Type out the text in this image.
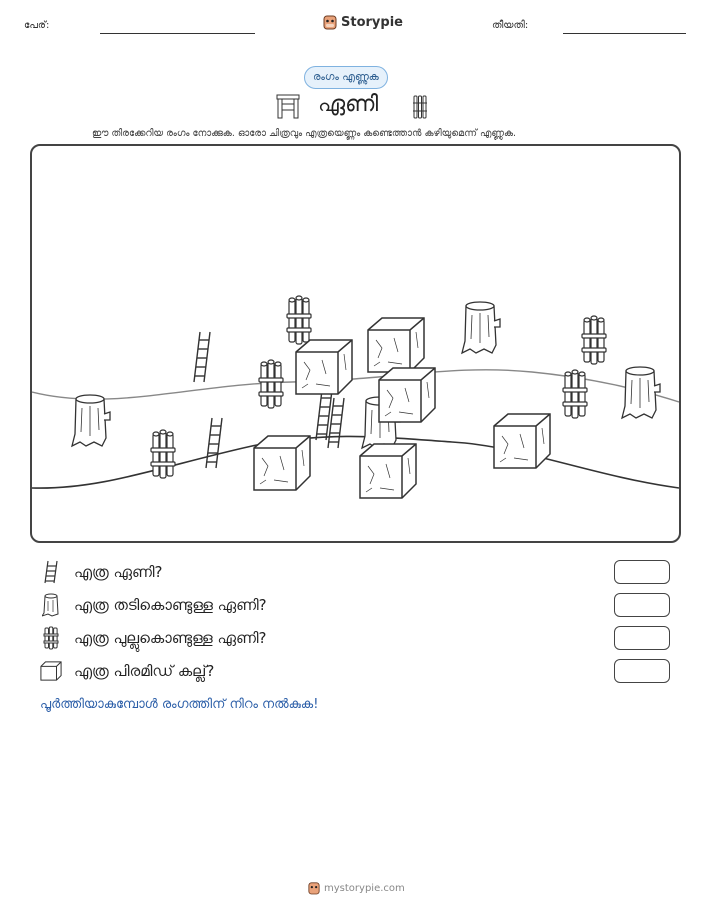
പേര്:	Storypie	തീയതി:
രംഗം എണ്ണുക
ഏണി
ഈ തിരക്കേറിയ രംഗം നോക്കുക. ഓരോ ചിത്രവും എത്രയെണ്ണം കണ്ടെത്താൻ കഴിയുമെന്ന് എണ്ണുക.
എത്ര ഏണി?
എത്ര തടികൊണ്ടുള്ള ഏണി?
എത്ര പുല്ലുകൊണ്ടുള്ള ഏണി?
എത്ര പിരമിഡ് കല്ല്?
പൂർത്തിയാകുമ്പോൾ രംഗത്തിന് നിറം നൽകുക!
mystorypie.com
